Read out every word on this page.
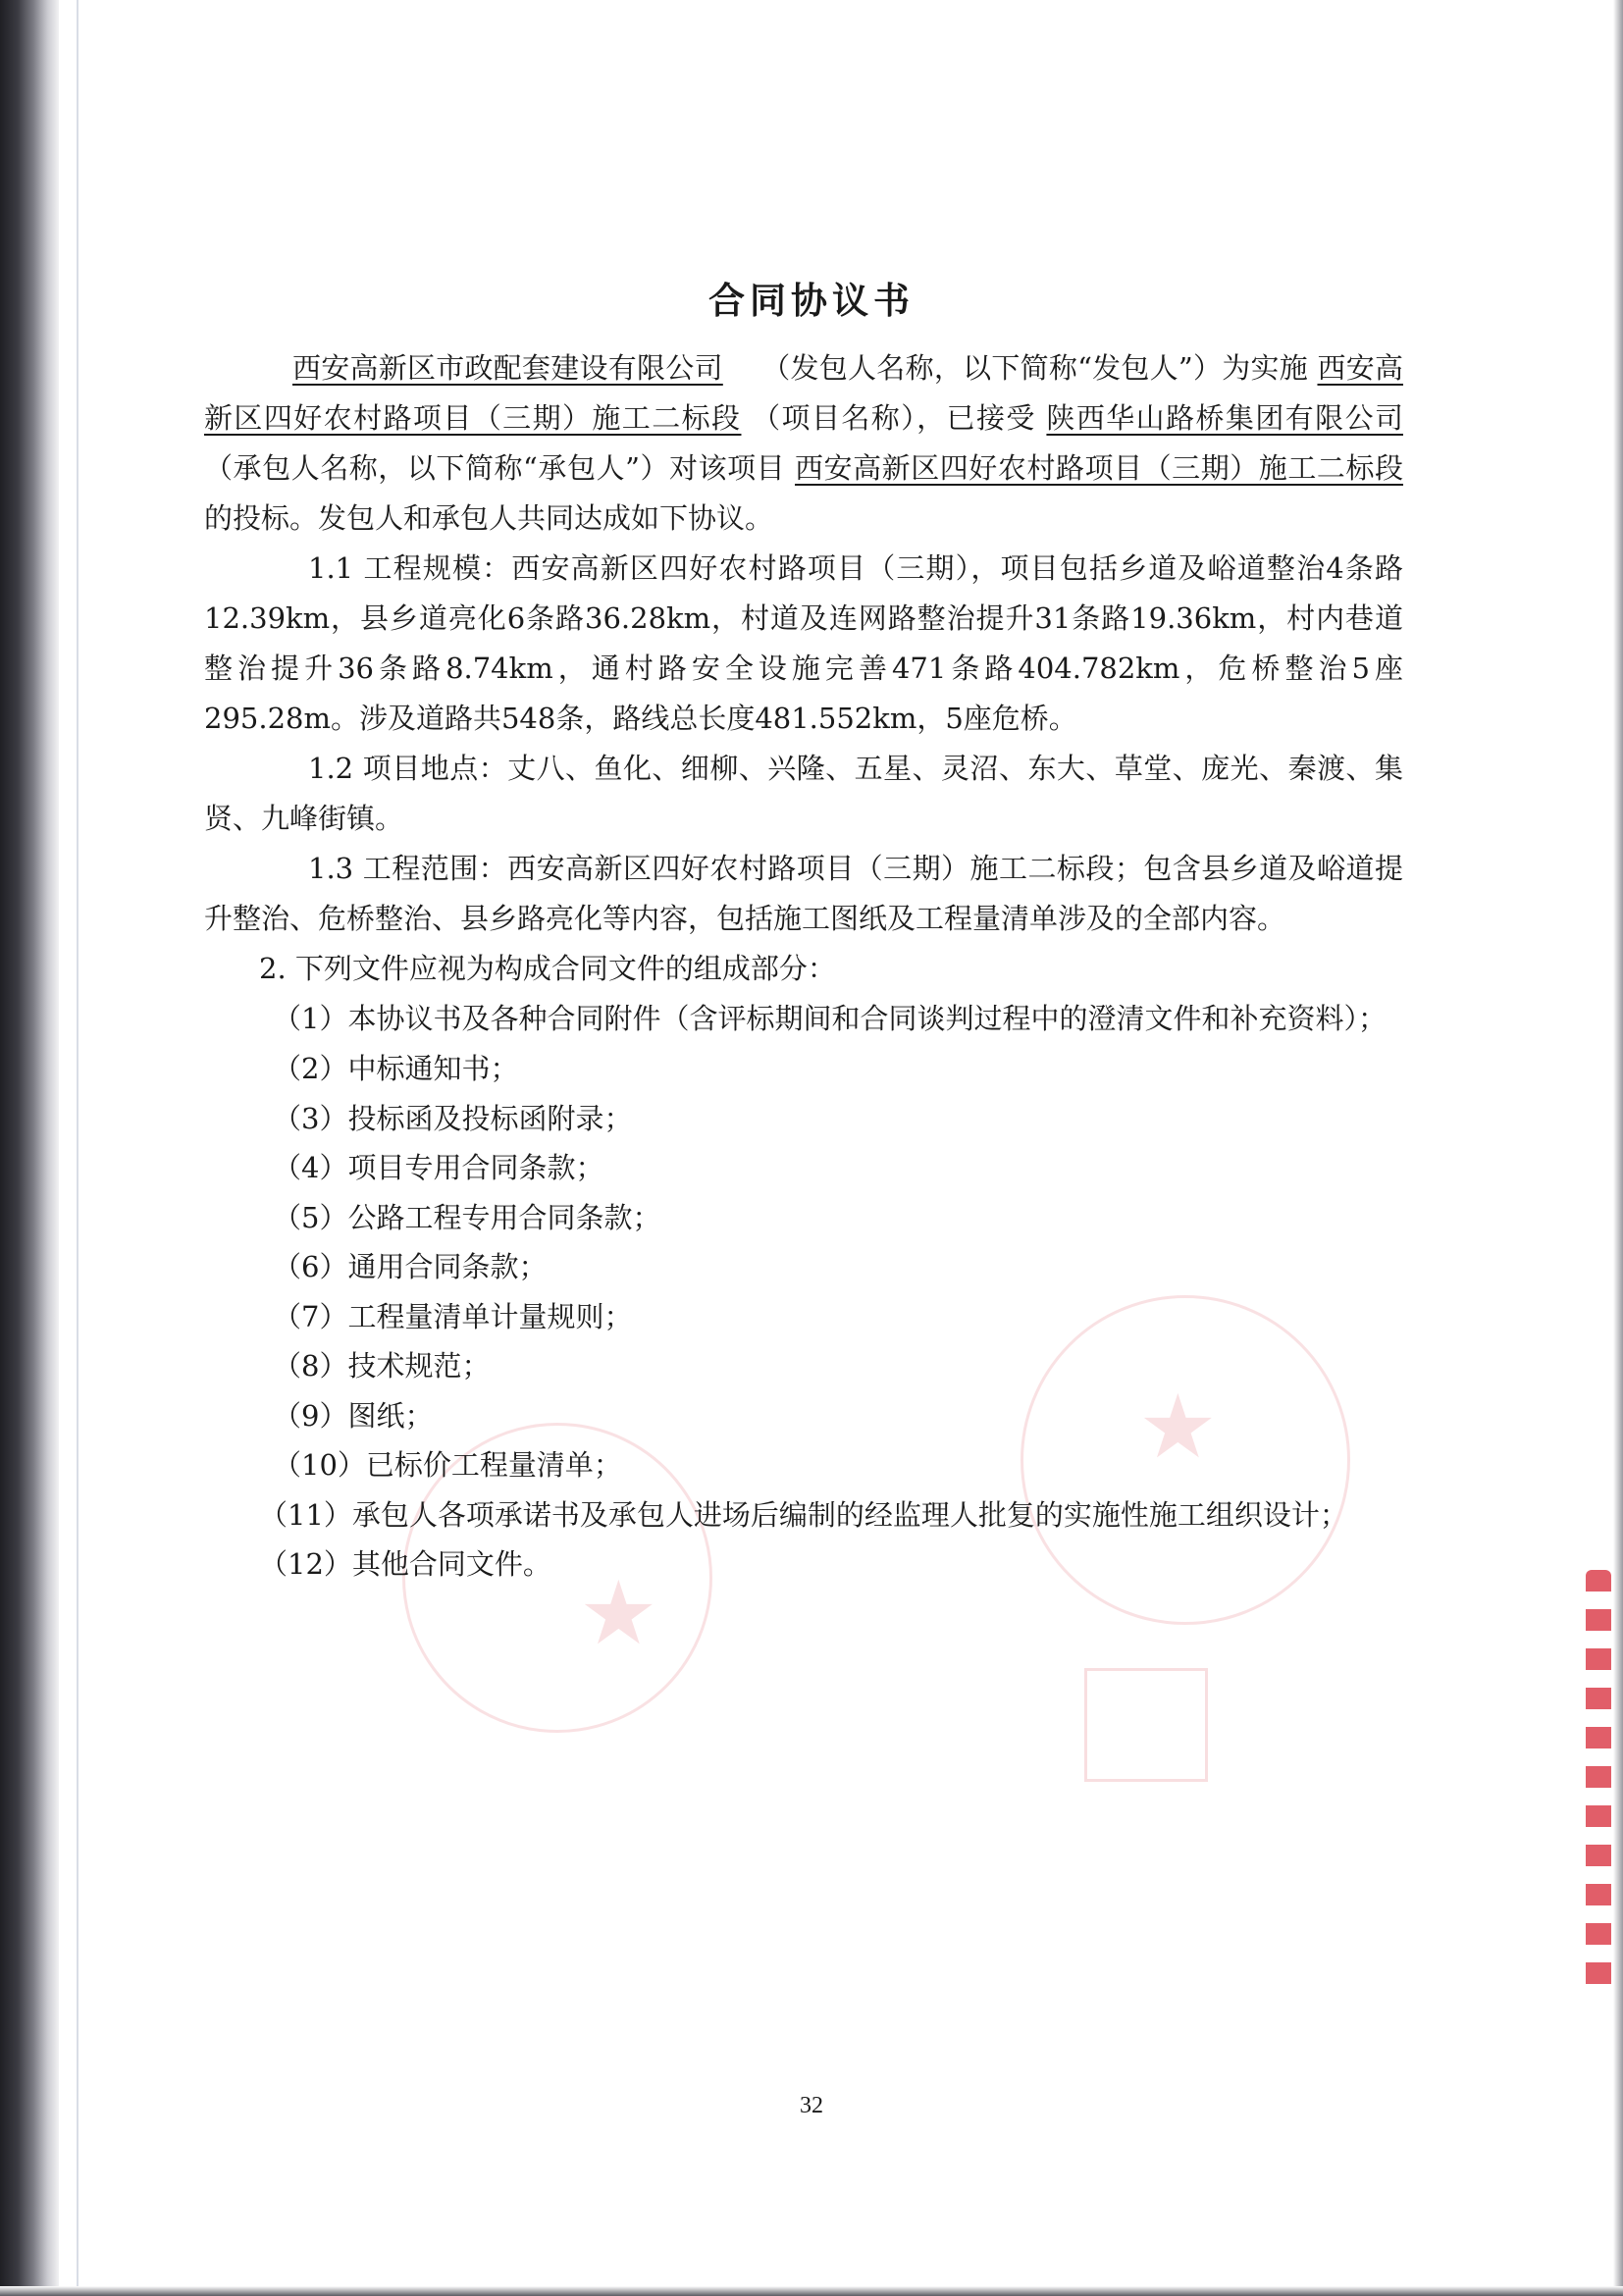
★
★
合同协议书

西安高新区市政配套建设有限公司 （发包人名称，以下简称“发包人”）为实施 西安高新区四好农村路项目（三期）施工二标段 （项目名称），已接受 陕西华山路桥集团有限公司 （承包人名称，以下简称“承包人”）对该项目 西安高新区四好农村路项目（三期）施工二标段 的投标。发包人和承包人共同达成如下协议。

1.1 工程规模：西安高新区四好农村路项目（三期），项目包括乡道及峪道整治4条路12.39km，县乡道亮化6条路36.28km，村道及连网路整治提升31条路19.36km，村内巷道整治提升36条路8.74km，通村路安全设施完善471条路404.782km，危桥整治5座295.28m。涉及道路共548条，路线总长度481.552km，5座危桥。

1.2 项目地点：丈八、鱼化、细柳、兴隆、五星、灵沼、东大、草堂、庞光、秦渡、集贤、九峰街镇。

1.3 工程范围：西安高新区四好农村路项目（三期）施工二标段；包含县乡道及峪道提升整治、危桥整治、县乡路亮化等内容，包括施工图纸及工程量清单涉及的全部内容。

2. 下列文件应视为构成合同文件的组成部分：

（1）本协议书及各种合同附件（含评标期间和合同谈判过程中的澄清文件和补充资料）；

（2）中标通知书；

（3）投标函及投标函附录；

（4）项目专用合同条款；

（5）公路工程专用合同条款；

（6）通用合同条款；

（7）工程量清单计量规则；

（8）技术规范；

（9）图纸；

（10）已标价工程量清单；

（11）承包人各项承诺书及承包人进场后编制的经监理人批复的实施性施工组织设计；

（12）其他合同文件。

32
